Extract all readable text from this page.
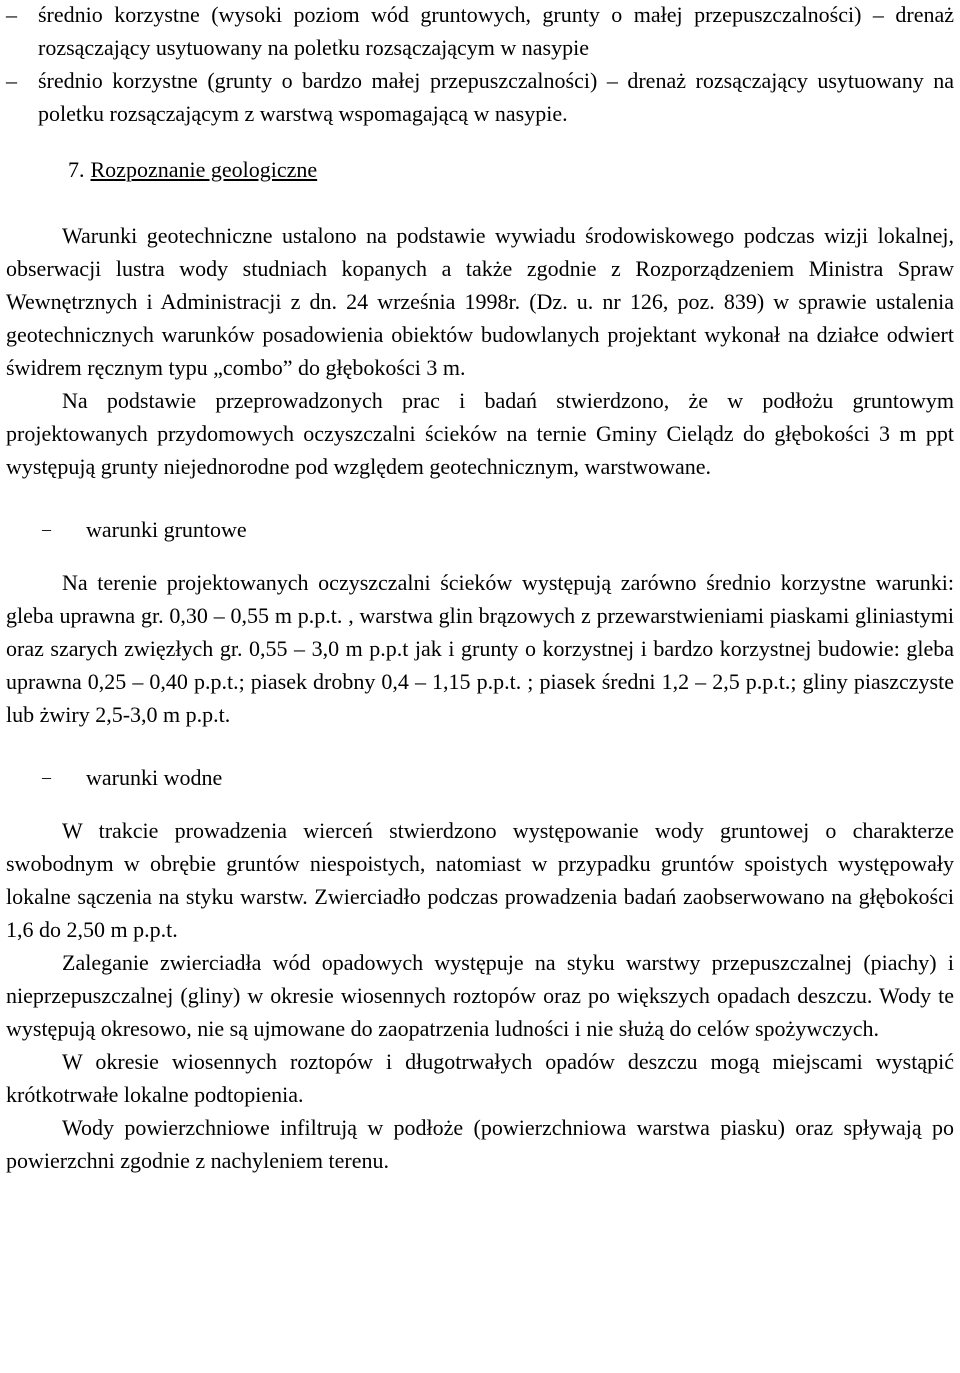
– średnio korzystne (wysoki poziom wód gruntowych, grunty o małej przepuszczalności) – drenaż rozsączający usytuowany na poletku rozsączającym w nasypie
– średnio korzystne (grunty o bardzo małej przepuszczalności) – drenaż rozsączający usytuowany na poletku rozsączającym z warstwą wspomagającą w nasypie.
7. Rozpoznanie geologiczne

Warunki geotechniczne ustalono na podstawie wywiadu środowiskowego podczas wizji lokalnej, obserwacji lustra wody studniach kopanych a także zgodnie z Rozporządzeniem Ministra Spraw Wewnętrznych i Administracji z dn. 24 września 1998r. (Dz. u. nr 126, poz. 839) w sprawie ustalenia geotechnicznych warunków posadowienia obiektów budowlanych projektant wykonał na działce odwiert świdrem ręcznym typu „combo” do głębokości 3 m.

Na podstawie przeprowadzonych prac i badań stwierdzono, że w podłożu gruntowym projektowanych przydomowych oczyszczalni ścieków na ternie Gminy Cielądz do głębokości 3 m ppt występują grunty niejednorodne pod względem geotechnicznym, warstwowane.

–	warunki gruntowe

Na terenie projektowanych oczyszczalni ścieków występują zarówno średnio korzystne warunki: gleba uprawna gr. 0,30 – 0,55 m p.p.t. , warstwa glin brązowych z przewarstwieniami piaskami gliniastymi oraz szarych zwięzłych gr. 0,55 – 3,0 m p.p.t jak i grunty o korzystnej i bardzo korzystnej budowie: gleba uprawna 0,25 – 0,40 p.p.t.; piasek drobny 0,4 – 1,15 p.p.t. ; piasek średni 1,2 – 2,5 p.p.t.; gliny piaszczyste lub żwiry 2,5-3,0 m p.p.t.

–	warunki wodne

W trakcie prowadzenia wierceń stwierdzono występowanie wody gruntowej o charakterze swobodnym w obrębie gruntów niespoistych, natomiast w przypadku gruntów spoistych występowały lokalne sączenia na styku warstw. Zwierciadło podczas prowadzenia badań zaobserwowano na głębokości 1,6 do 2,50 m p.p.t.

Zaleganie zwierciadła wód opadowych występuje na styku warstwy przepuszczalnej (piachy) i nieprzepuszczalnej (gliny) w okresie wiosennych roztopów oraz po większych opadach deszczu. Wody te występują okresowo, nie są ujmowane do zaopatrzenia ludności i nie służą do celów spożywczych.

W okresie wiosennych roztopów i długotrwałych opadów deszczu mogą miejscami wystąpić krótkotrwałe lokalne podtopienia.

Wody powierzchniowe infiltrują w podłoże (powierzchniowa warstwa piasku) oraz spływają po powierzchni zgodnie z nachyleniem terenu.
